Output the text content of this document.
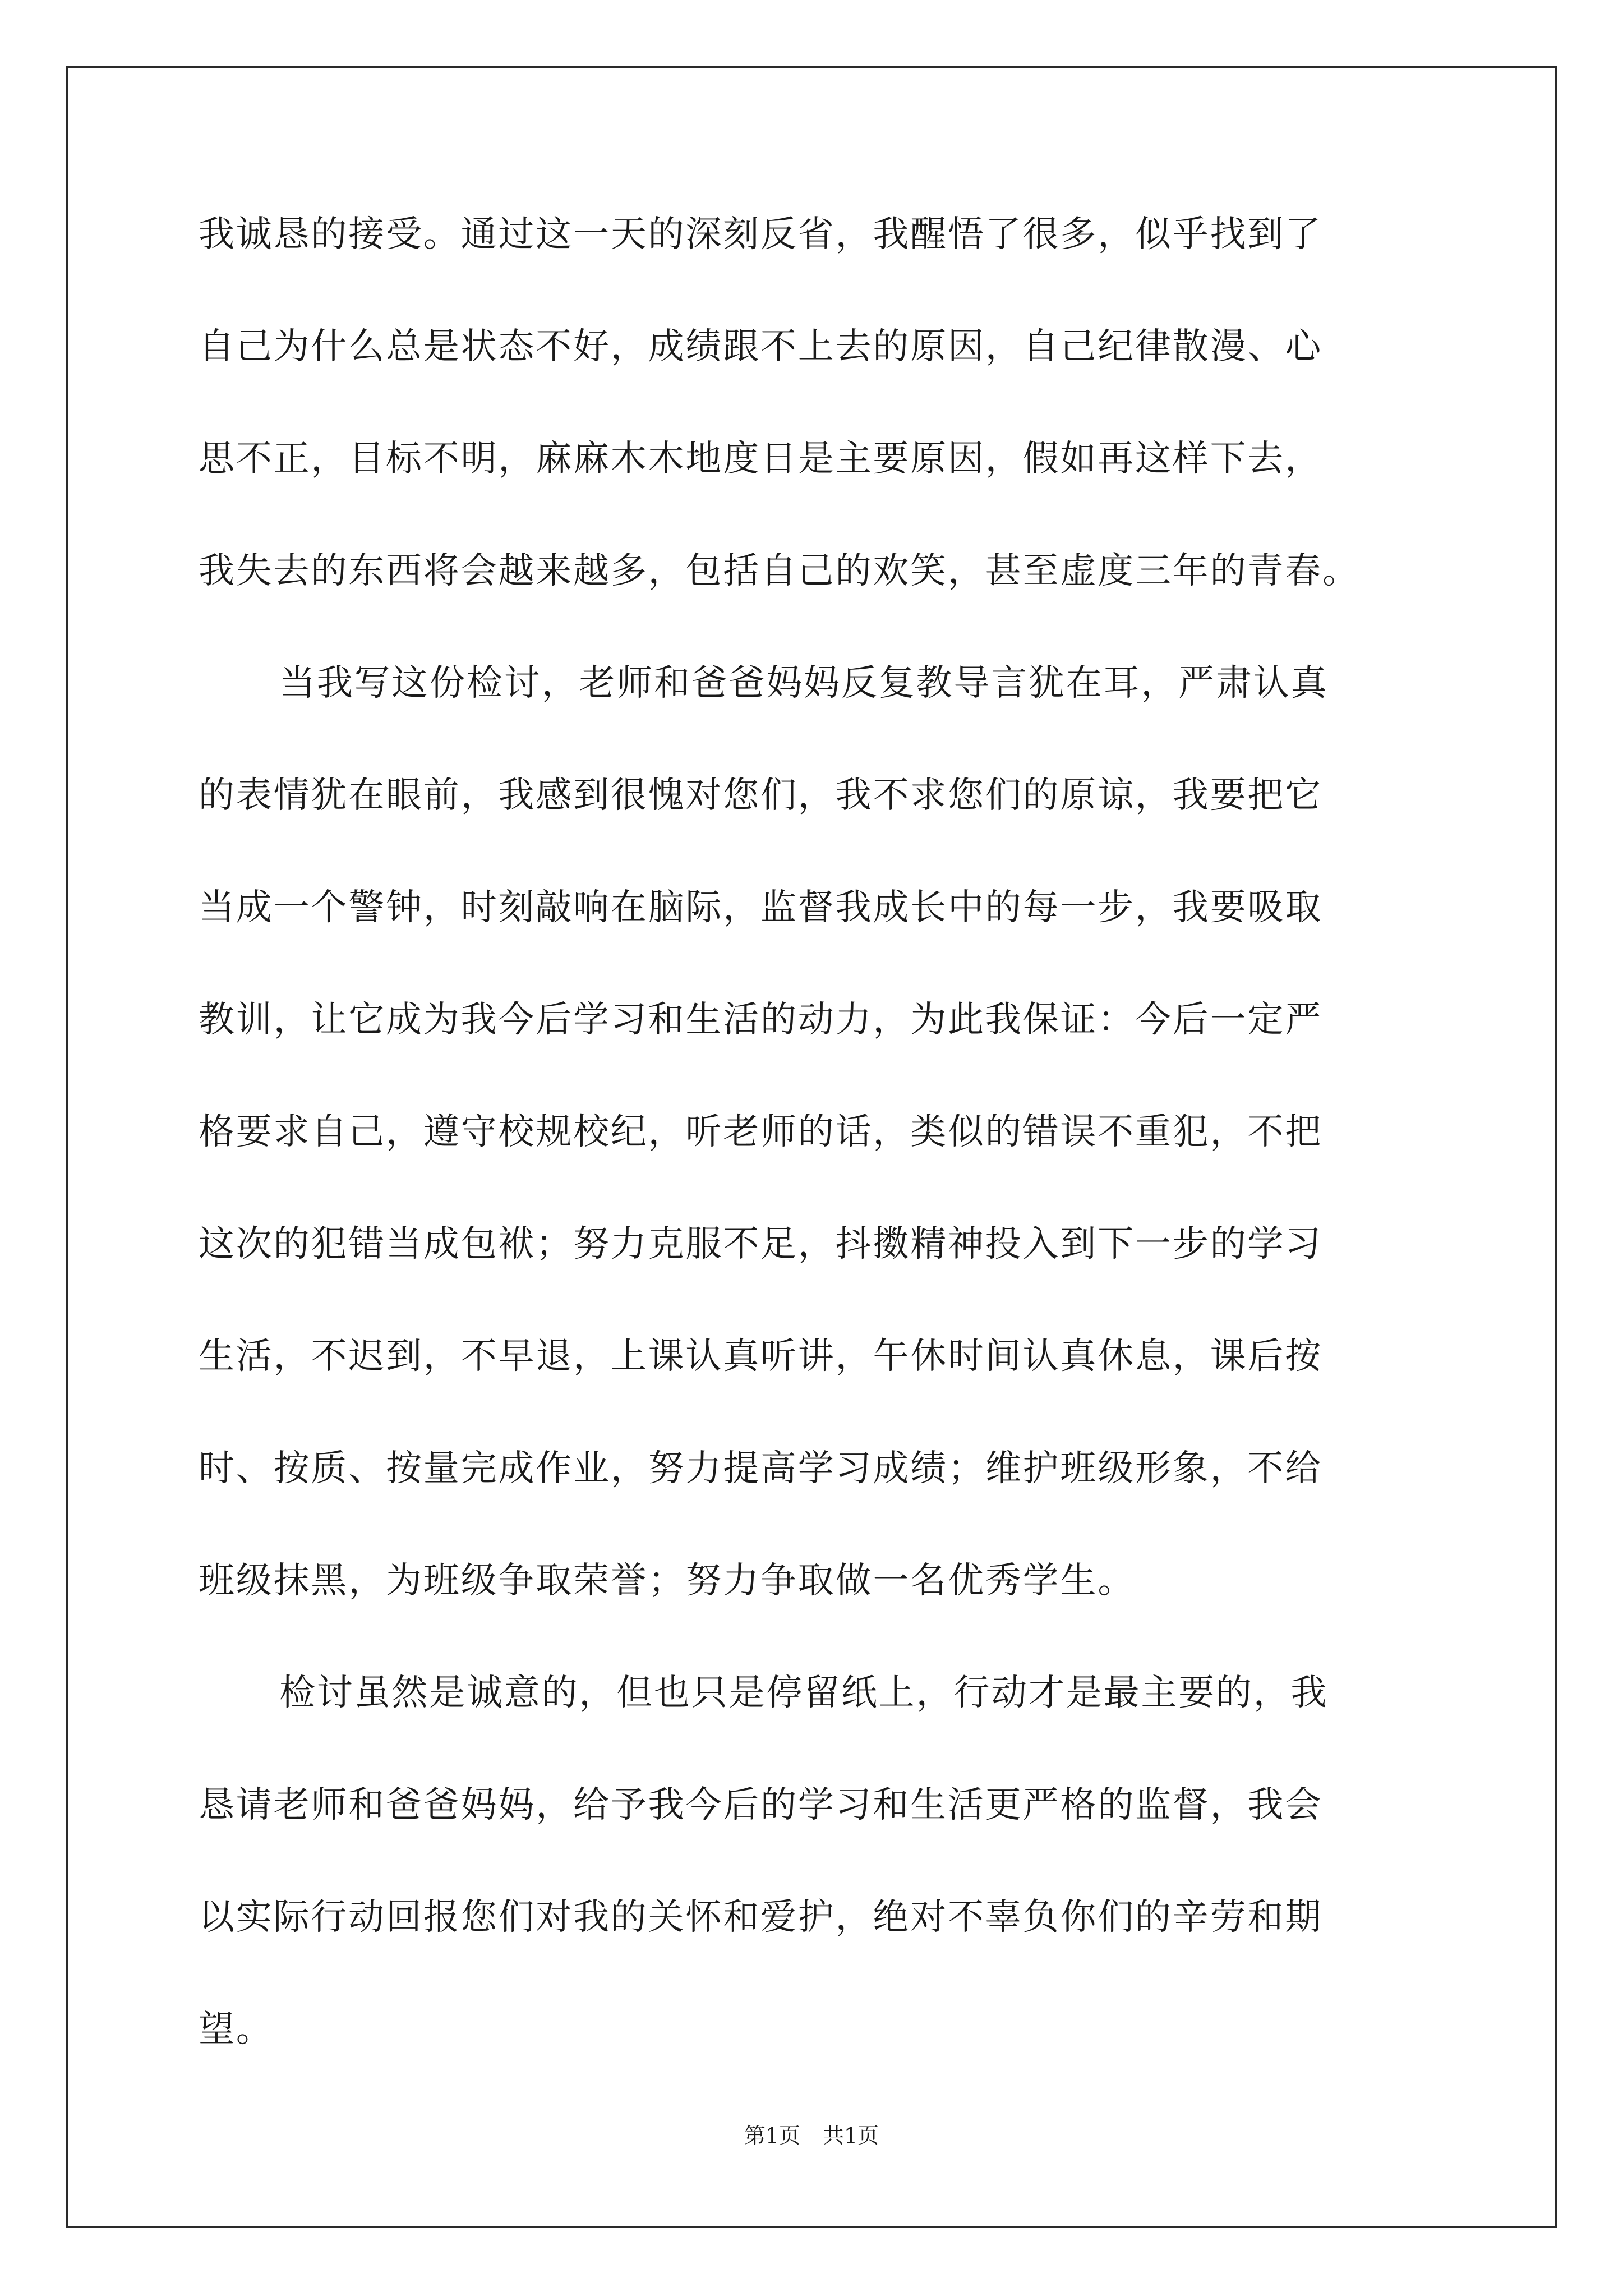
我诚恳的接受。通过这一天的深刻反省，我醒悟了很多，似乎找到了
自己为什么总是状态不好，成绩跟不上去的原因，自己纪律散漫、心
思不正，目标不明，麻麻木木地度日是主要原因，假如再这样下去，
我失去的东西将会越来越多，包括自己的欢笑，甚至虚度三年的青春。
当我写这份检讨，老师和爸爸妈妈反复教导言犹在耳，严肃认真
的表情犹在眼前，我感到很愧对您们，我不求您们的原谅，我要把它
当成一个警钟，时刻敲响在脑际，监督我成长中的每一步，我要吸取
教训，让它成为我今后学习和生活的动力，为此我保证：今后一定严
格要求自己，遵守校规校纪，听老师的话，类似的错误不重犯，不把
这次的犯错当成包袱；努力克服不足，抖擞精神投入到下一步的学习
生活，不迟到，不早退，上课认真听讲，午休时间认真休息，课后按
时、按质、按量完成作业，努力提高学习成绩；维护班级形象，不给
班级抹黑，为班级争取荣誉；努力争取做一名优秀学生。
检讨虽然是诚意的，但也只是停留纸上，行动才是最主要的，我
恳请老师和爸爸妈妈，给予我今后的学习和生活更严格的监督，我会
以实际行动回报您们对我的关怀和爱护，绝对不辜负你们的辛劳和期
望。
第1页 共1页
